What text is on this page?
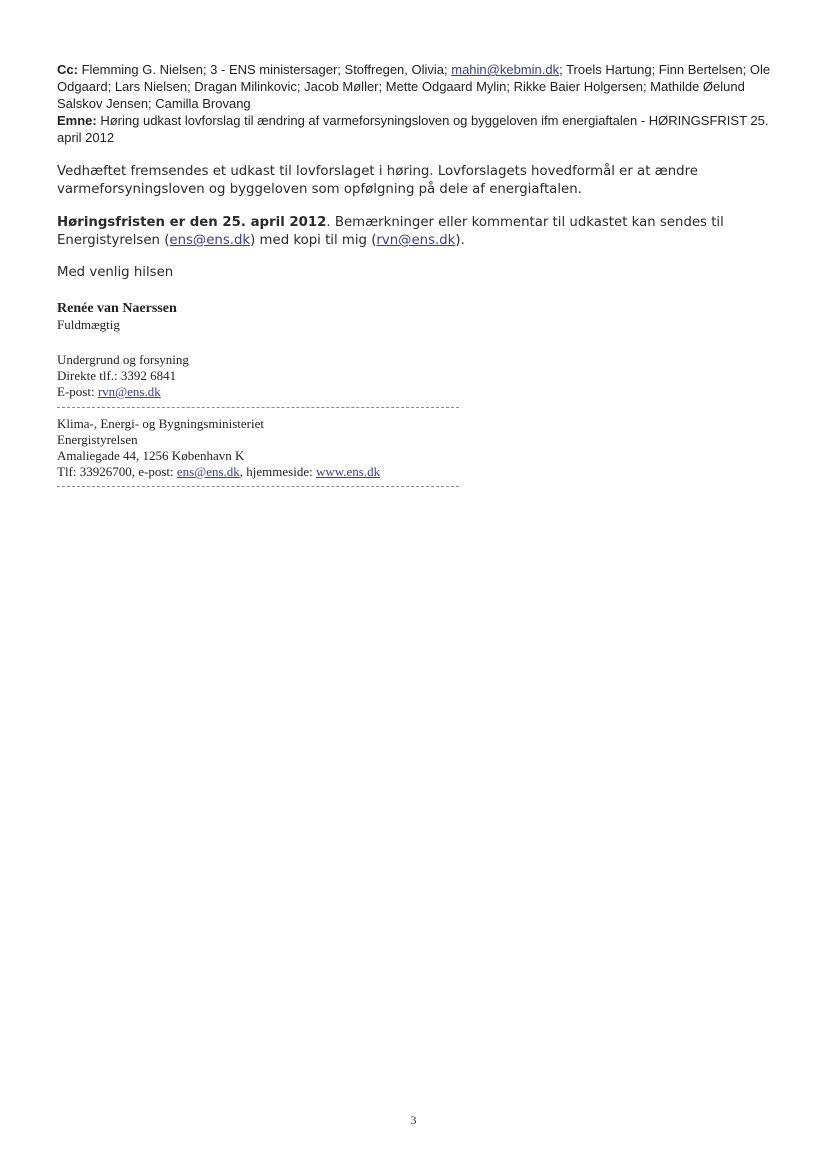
Cc: Flemming G. Nielsen; 3 - ENS ministersager; Stoffregen, Olivia; mahin@kebmin.dk; Troels Hartung; Finn Bertelsen; Ole Odgaard; Lars Nielsen; Dragan Milinkovic; Jacob Møller; Mette Odgaard Mylin; Rikke Baier Holgersen; Mathilde Øelund Salskov Jensen; Camilla Brovang
Emne: Høring udkast lovforslag til ændring af varmeforsyningsloven og byggeloven ifm energiaftalen - HØRINGSFRIST 25. april 2012
Vedhæftet fremsendes et udkast til lovforslaget i høring. Lovforslagets hovedformål er at ændre varmeforsyningsloven og byggeloven som opfølgning på dele af energiaftalen.
Høringsfristen er den 25. april 2012. Bemærkninger eller kommentar til udkastet kan sendes til Energistyrelsen (ens@ens.dk) med kopi til mig (rvn@ens.dk).
Med venlig hilsen
Renée van Naerssen
Fuldmægtig
Undergrund og forsyning
Direkte tlf.: 3392 6841
E-post: rvn@ens.dk
Klima-, Energi- og Bygningsministeriet
Energistyrelsen
Amaliegade 44, 1256 København K
Tlf: 33926700, e-post: ens@ens.dk, hjemmeside: www.ens.dk
3
